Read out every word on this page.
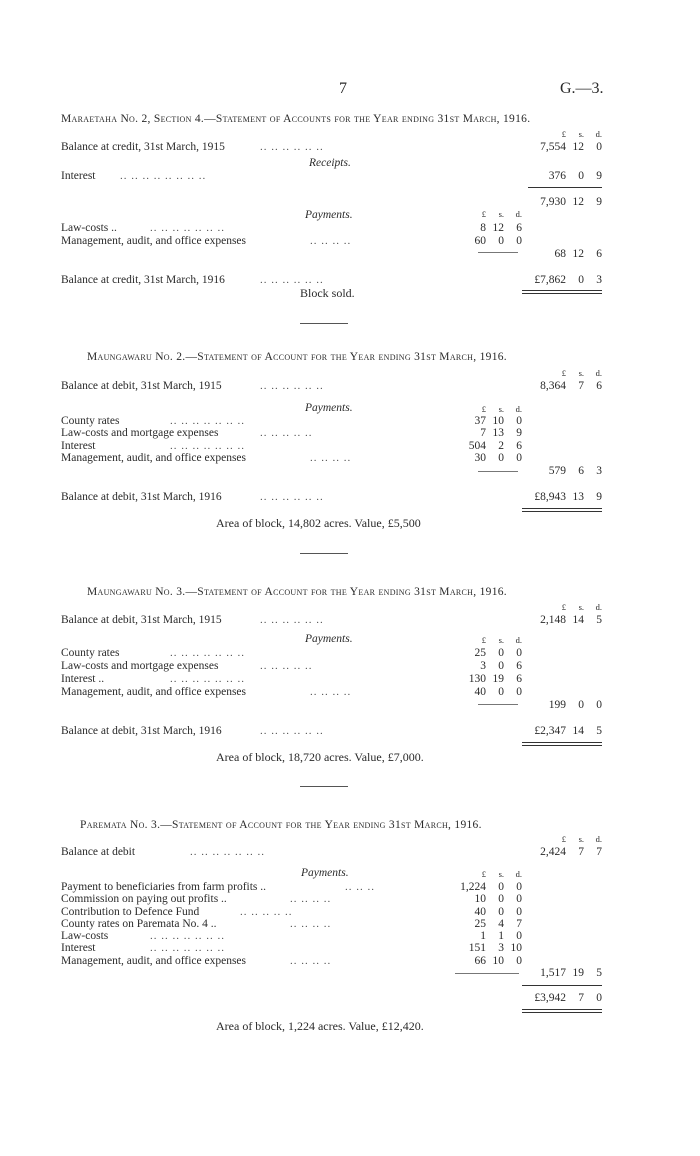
7	G.—3.
Maraetaha No. 2, Section 4.—Statement of Accounts for the Year ending 31st March, 1916.
£ s. d.
Balance at credit, 31st March, 1915	.. .. .. .. .. ..	7,554 12 0
Receipts.
Interest .. .. .. .. .. .. .. ..	376 0 9
7,930 12 9
Payments.	£ s. d.
Law-costs ..	.. .. .. .. .. .. ..	8 12 6
Management, audit, and office expenses	.. .. .. ..	60 0 0
68 12 6
Balance at credit, 31st March, 1916	.. .. .. .. .. ..	£7,862 0 3
Block sold.
Maungawaru No. 2.—Statement of Account for the Year ending 31st March, 1916.
£ s. d.
Balance at debit, 31st March, 1915	.. .. .. .. .. ..	8,364 7 6
Payments.	£ s. d.
County rates	.. .. .. .. .. .. ..	37 10 0
Law-costs and mortgage expenses	.. .. .. .. ..	7 13 9
Interest	.. .. .. .. .. .. ..	504 2 6
Management, audit, and office expenses	.. .. .. ..	30 0 0
579 6 3
Balance at debit, 31st March, 1916	.. .. .. .. .. ..	£8,943 13 9
Area of block, 14,802 acres. Value, £5,500
Maungawaru No. 3.—Statement of Account for the Year ending 31st March, 1916.
£ s. d.
Balance at debit, 31st March, 1915	.. .. .. .. .. ..	2,148 14 5
Payments.	£ s. d.
County rates	.. .. .. .. .. .. ..	25 0 0
Law-costs and mortgage expenses	.. .. .. .. ..	3 0 6
Interest ..	.. .. .. .. .. .. ..	130 19 6
Management, audit, and office expenses	.. .. .. ..	40 0 0
199 0 0
Balance at debit, 31st March, 1916	.. .. .. .. .. ..	£2,347 14 5
Area of block, 18,720 acres. Value, £7,000.
Paremata No. 3.—Statement of Account for the Year ending 31st March, 1916.
£ s. d.
Balance at debit	.. .. .. .. .. .. ..	2,424 7 7
Payments.	£ s. d.
Payment to beneficiaries from farm profits ..	.. .. ..	1,224 0 0
Commission on paying out profits ..	.. .. .. ..	10 0 0
Contribution to Defence Fund	.. .. .. .. ..	40 0 0
County rates on Paremata No. 4 ..	.. .. .. ..	25 4 7
Law-costs	.. .. .. .. .. .. ..	1 1 0
Interest	.. .. .. .. .. .. ..	151 3 10
Management, audit, and office expenses	.. .. .. ..	66 10 0
1,517 19 5
£3,942 7 0
Area of block, 1,224 acres. Value, £12,420.
